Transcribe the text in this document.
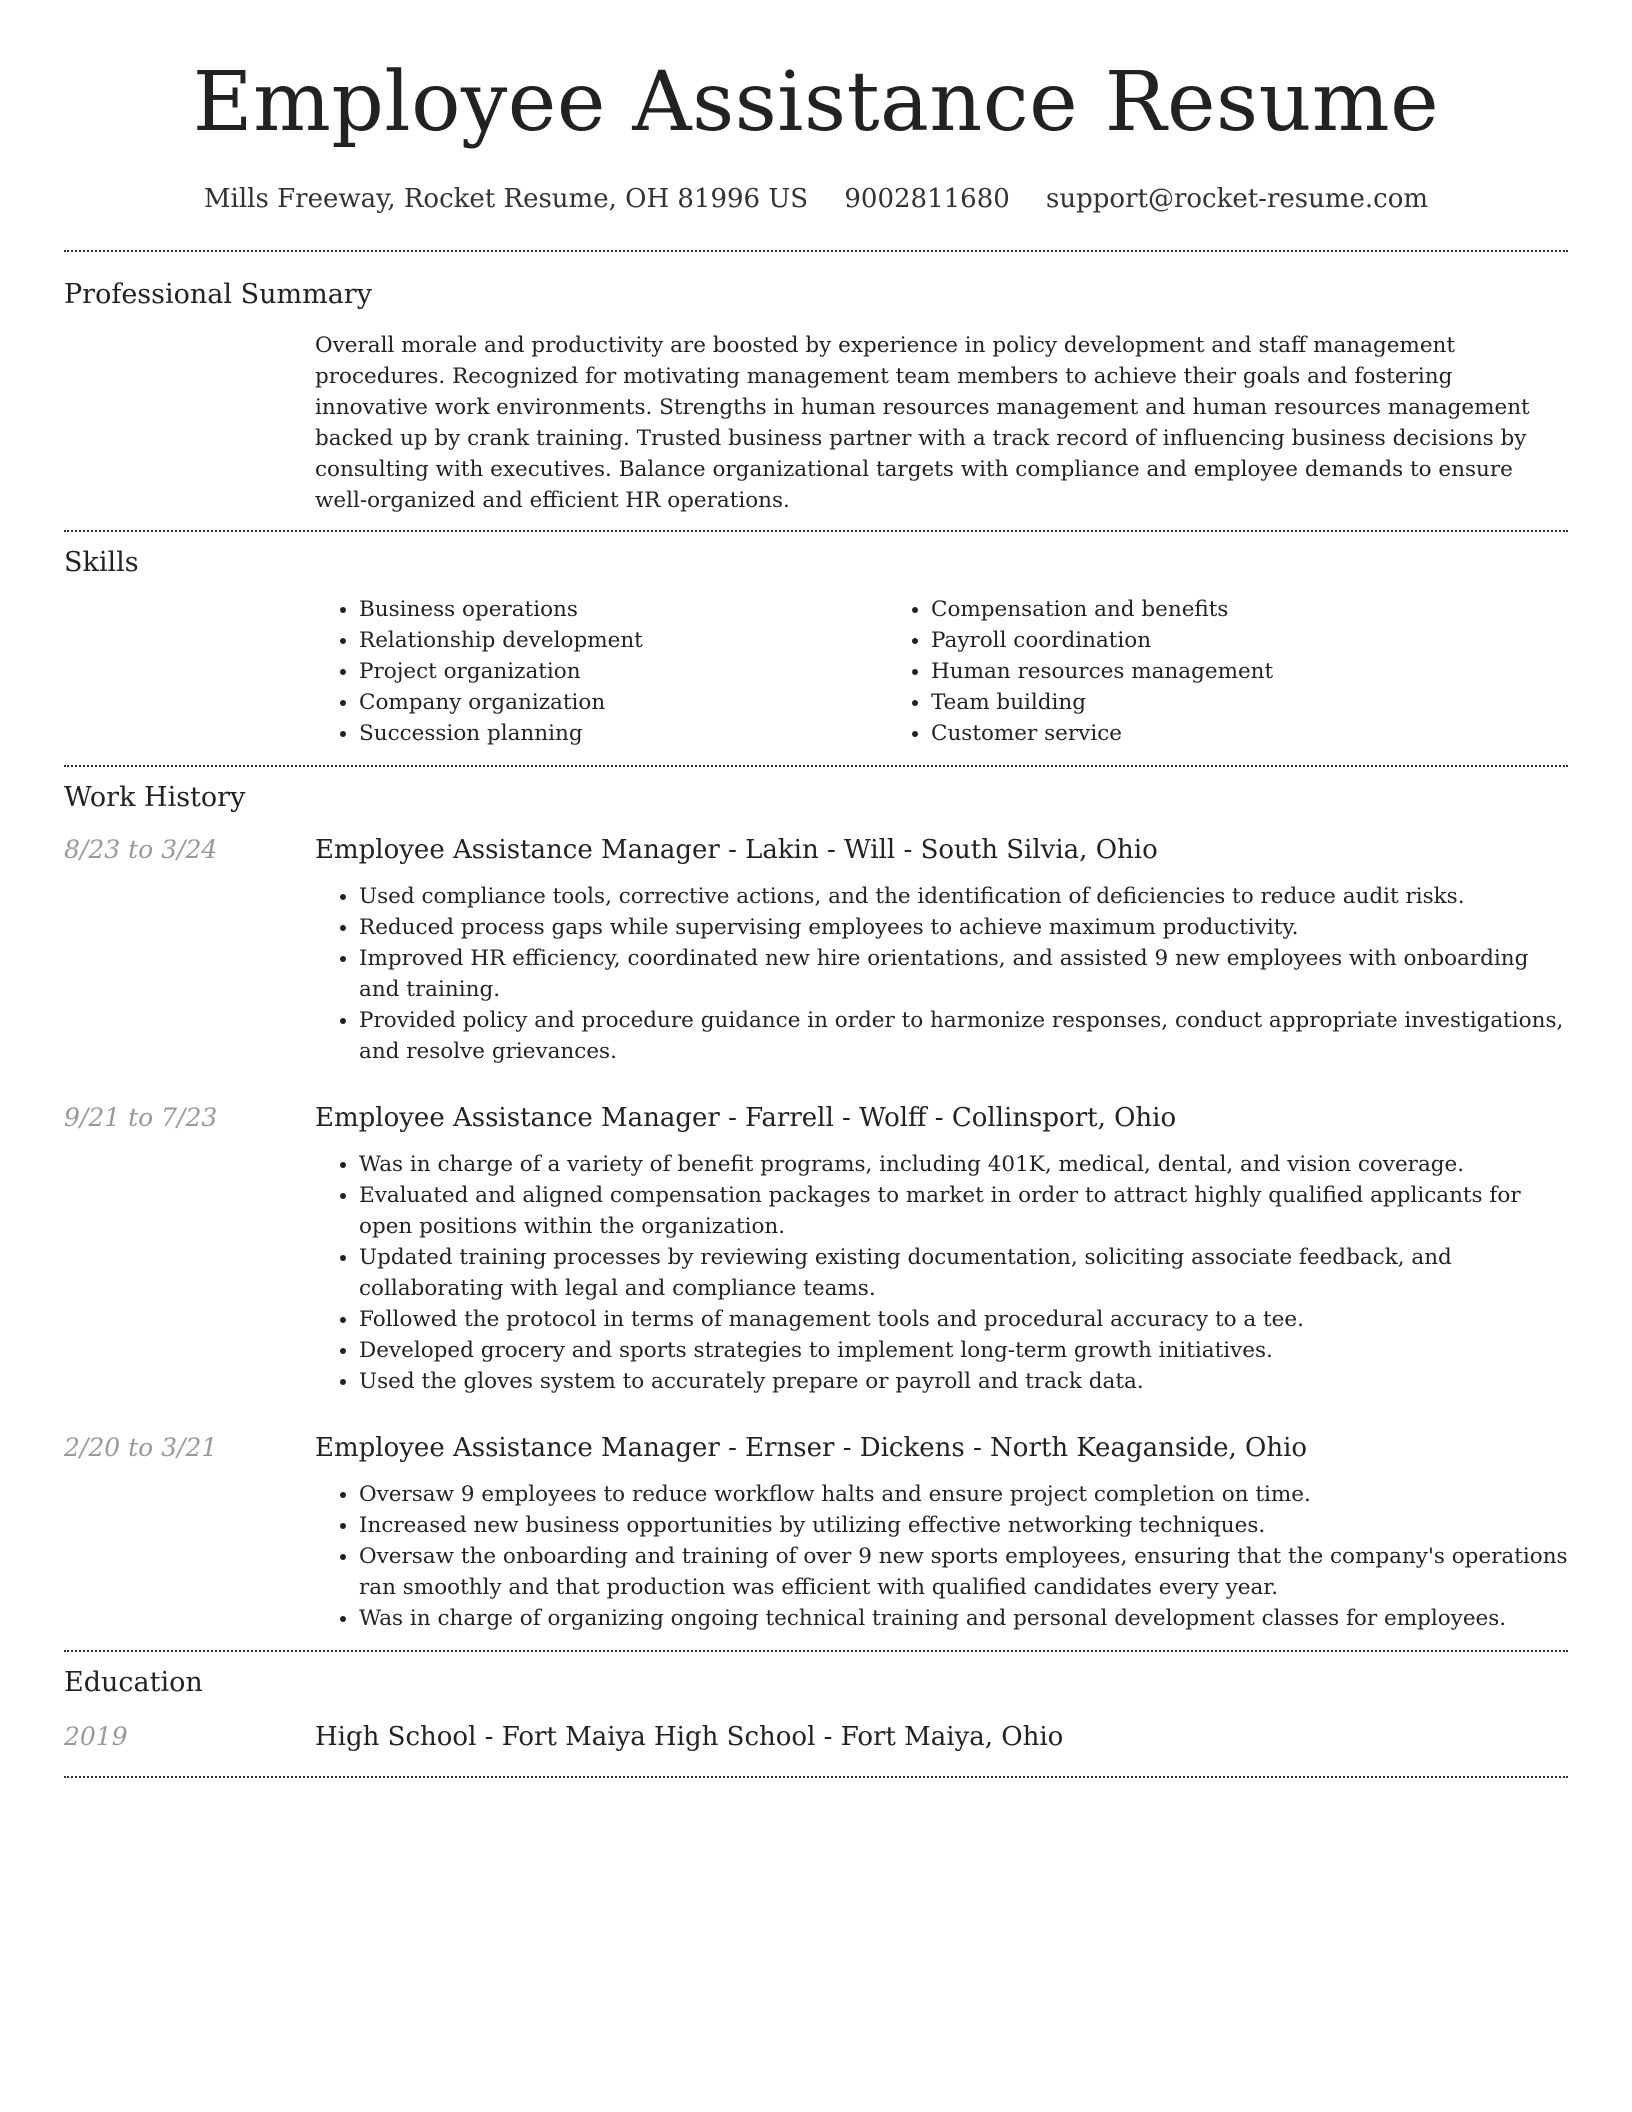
Employee Assistance Resume
Mills Freeway, Rocket Resume, OH 81996 US 9002811680 support@rocket-resume.com
Professional Summary

Overall morale and productivity are boosted by experience in policy development and staff management procedures. Recognized for motivating management team members to achieve their goals and fostering innovative work environments. Strengths in human resources management and human resources management backed up by crank training. Trusted business partner with a track record of influencing business decisions by consulting with executives. Balance organizational targets with compliance and employee demands to ensure well-organized and efficient HR operations.

Skills
• Business operations
• Relationship development
• Project organization
• Company organization
• Succession planning
• Compensation and benefits
• Payroll coordination
• Human resources management
• Team building
• Customer service
Work History
8/23 to 3/24	Employee Assistance Manager - Lakin - Will - South Silvia, Ohio
• Used compliance tools, corrective actions, and the identification of deficiencies to reduce audit risks.
• Reduced process gaps while supervising employees to achieve maximum productivity.
• Improved HR efficiency, coordinated new hire orientations, and assisted 9 new employees with onboarding and training.
• Provided policy and procedure guidance in order to harmonize responses, conduct appropriate investigations, and resolve grievances.
9/21 to 7/23	Employee Assistance Manager - Farrell - Wolff - Collinsport, Ohio
• Was in charge of a variety of benefit programs, including 401K, medical, dental, and vision coverage.
• Evaluated and aligned compensation packages to market in order to attract highly qualified applicants for open positions within the organization.
• Updated training processes by reviewing existing documentation, soliciting associate feedback, and collaborating with legal and compliance teams.
• Followed the protocol in terms of management tools and procedural accuracy to a tee.
• Developed grocery and sports strategies to implement long-term growth initiatives.
• Used the gloves system to accurately prepare or payroll and track data.
2/20 to 3/21	Employee Assistance Manager - Ernser - Dickens - North Keaganside, Ohio
• Oversaw 9 employees to reduce workflow halts and ensure project completion on time.
• Increased new business opportunities by utilizing effective networking techniques.
• Oversaw the onboarding and training of over 9 new sports employees, ensuring that the company's operations ran smoothly and that production was efficient with qualified candidates every year.
• Was in charge of organizing ongoing technical training and personal development classes for employees.
Education
2019	High School - Fort Maiya High School - Fort Maiya, Ohio
